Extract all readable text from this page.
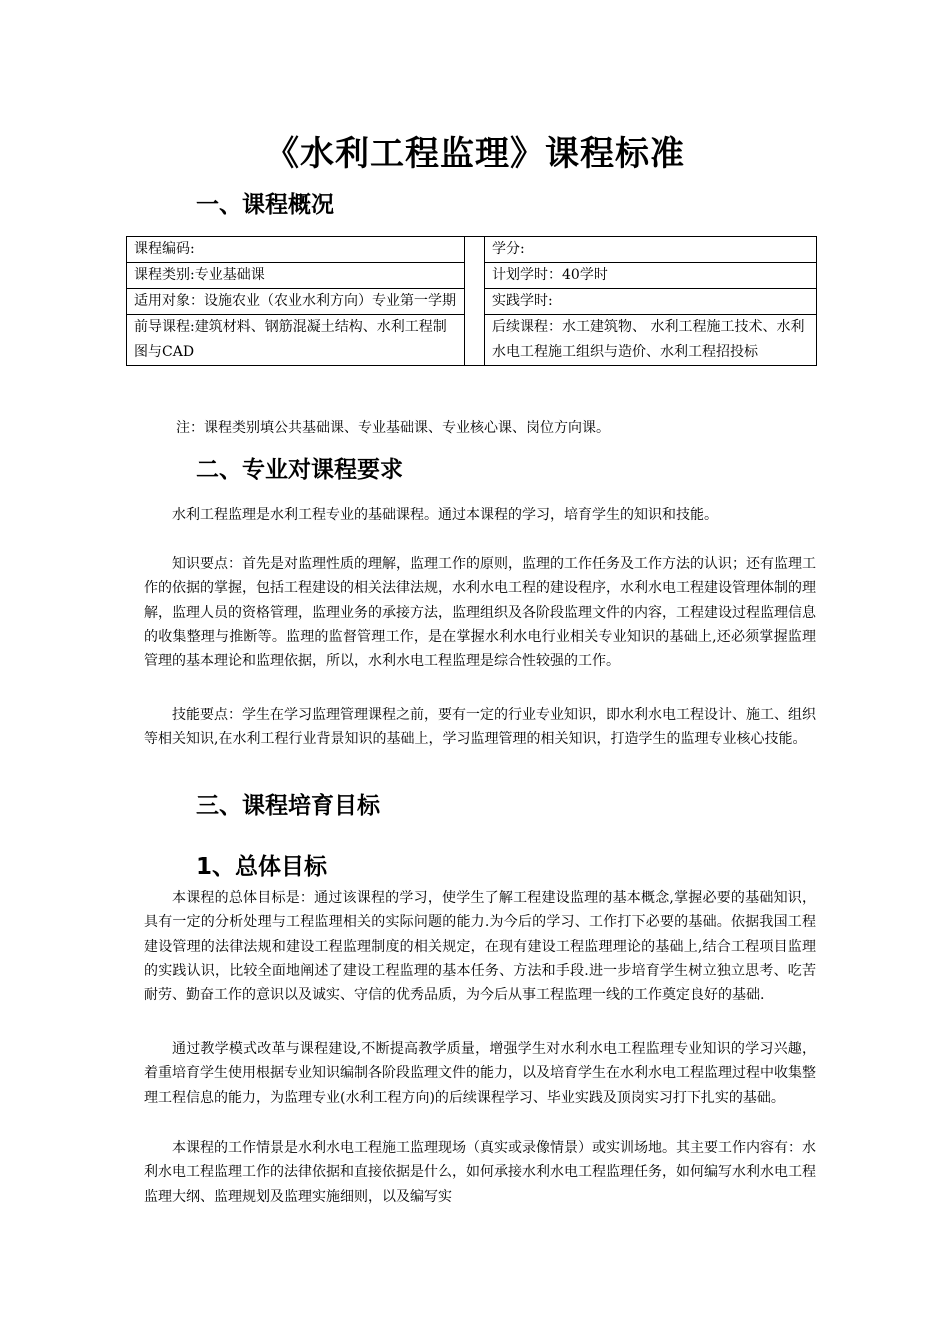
《水利工程监理》课程标准
一、课程概况
课程编码:		学分:
课程类别:专业基础课		计划学时：40学时
适用对象：设施农业（农业水利方向）专业第一学期		实践学时:
前导课程:建筑材料、钢筋混凝土结构、水利工程制图与CAD		后续课程：水工建筑物、 水利工程施工技术、水利水电工程施工组织与造价、水利工程招投标
注：课程类别填公共基础课、专业基础课、专业核心课、岗位方向课。
二、专业对课程要求

水利工程监理是水利工程专业的基础课程。通过本课程的学习，培育学生的知识和技能。

知识要点：首先是对监理性质的理解，监理工作的原则，监理的工作任务及工作方法的认识；还有监理工作的依据的掌握，包括工程建设的相关法律法规，水利水电工程的建设程序，水利水电工程建设管理体制的理解，监理人员的资格管理，监理业务的承接方法，监理组织及各阶段监理文件的内容，工程建设过程监理信息的收集整理与推断等。监理的监督管理工作，是在掌握水利水电行业相关专业知识的基础上,还必须掌握监理管理的基本理论和监理依据，所以，水利水电工程监理是综合性较强的工作。

技能要点：学生在学习监理管理课程之前，要有一定的行业专业知识，即水利水电工程设计、施工、组织等相关知识,在水利工程行业背景知识的基础上，学习监理管理的相关知识，打造学生的监理专业核心技能。

三、课程培育目标
1、总体目标

本课程的总体目标是：通过该课程的学习，使学生了解工程建设监理的基本概念,掌握必要的基础知识，具有一定的分析处理与工程监理相关的实际问题的能力.为今后的学习、工作打下必要的基础。依据我国工程建设管理的法律法规和建设工程监理制度的相关规定，在现有建设工程监理理论的基础上,结合工程项目监理的实践认识，比较全面地阐述了建设工程监理的基本任务、方法和手段.进一步培育学生树立独立思考、吃苦耐劳、勤奋工作的意识以及诚实、守信的优秀品质，为今后从事工程监理一线的工作奠定良好的基础.

通过教学模式改革与课程建设,不断提高教学质量，增强学生对水利水电工程监理专业知识的学习兴趣，着重培育学生使用根据专业知识编制各阶段监理文件的能力，以及培育学生在水利水电工程监理过程中收集整理工程信息的能力，为监理专业(水利工程方向)的后续课程学习、毕业实践及顶岗实习打下扎实的基础。

本课程的工作情景是水利水电工程施工监理现场（真实或录像情景）或实训场地。其主要工作内容有：水利水电工程监理工作的法律依据和直接依据是什么，如何承接水利水电工程监理任务，如何编写水利水电工程监理大纲、监理规划及监理实施细则，以及编写实
